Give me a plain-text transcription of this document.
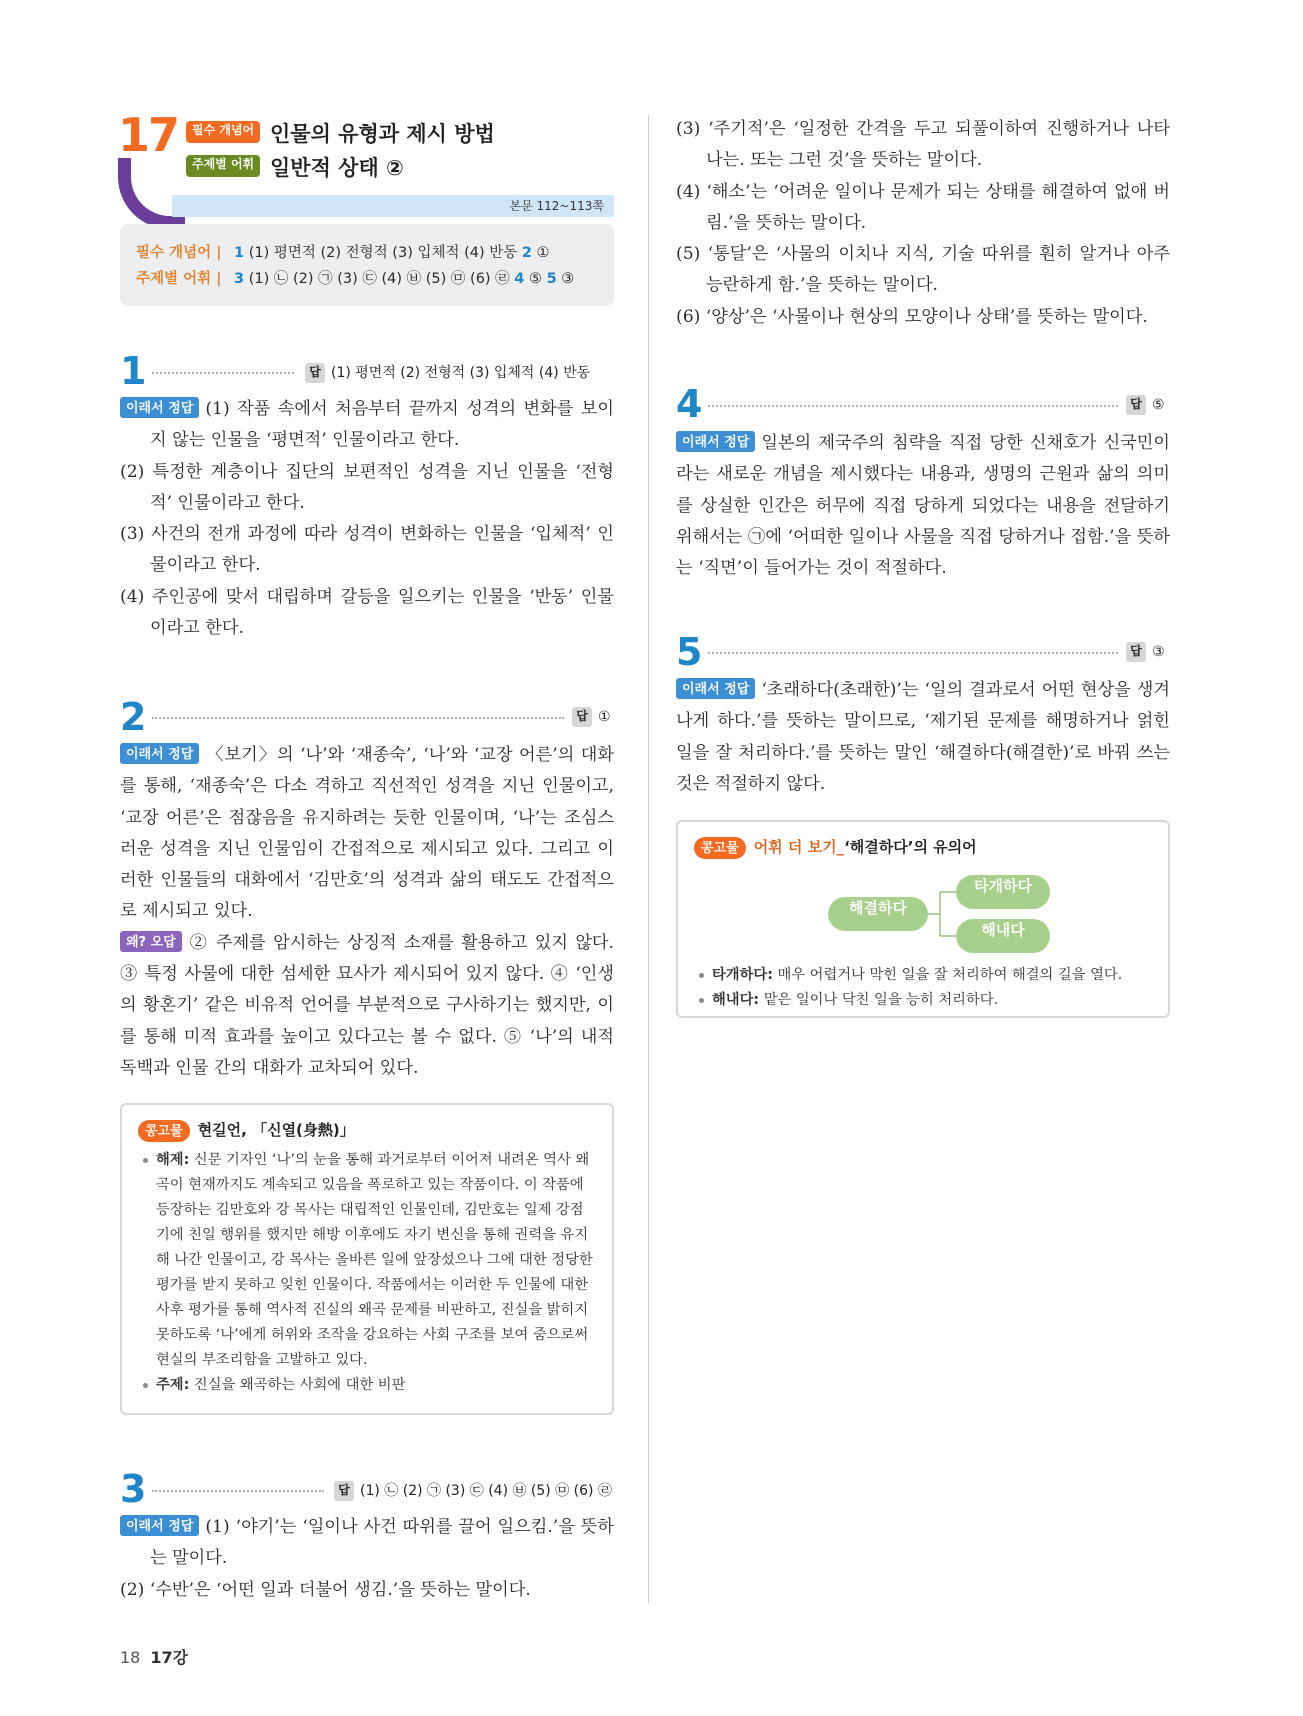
17	필수 개념어
주제별 어휘
인물의 유형과 제시 방법
일반적 상태 ②
본문 112~113쪽
필수 개념어 | 1 (1) 평면적 (2) 전형적 (3) 입체적 (4) 반동 2 ①
주제별 어휘 | 3 (1) ㉡ (2) ㉠ (3) ㉢ (4) ㉥ (5) ㉤ (6) ㉣ 4 ⑤ 5 ③
1	답 (1) 평면적 (2) 전형적 (3) 입체적 (4) 반동

이래서 정답 (1) 작품 속에서 처음부터 끝까지 성격의 변화를 보이지 않는 인물을 ‘평면적’ 인물이라고 한다.

(2) 특정한 계층이나 집단의 보편적인 성격을 지닌 인물을 ‘전형적’ 인물이라고 한다.

(3) 사건의 전개 과정에 따라 성격이 변화하는 인물을 ‘입체적’ 인물이라고 한다.

(4) 주인공에 맞서 대립하며 갈등을 일으키는 인물을 ‘반동’ 인물이라고 한다.

2	답 ①

이래서 정답 〈보기〉의 ‘나’와 ‘재종숙’, ‘나’와 ‘교장 어른’의 대화를 통해, ‘재종숙’은 다소 격하고 직선적인 성격을 지닌 인물이고, ‘교장 어른’은 점잖음을 유지하려는 듯한 인물이며, ‘나’는 조심스러운 성격을 지닌 인물임이 간접적으로 제시되고 있다. 그리고 이러한 인물들의 대화에서 ‘김만호’의 성격과 삶의 태도도 간접적으로 제시되고 있다.

왜? 오답 ② 주제를 암시하는 상징적 소재를 활용하고 있지 않다. ③ 특정 사물에 대한 섬세한 묘사가 제시되어 있지 않다. ④ ‘인생의 황혼기’ 같은 비유적 언어를 부분적으로 구사하기는 했지만, 이를 통해 미적 효과를 높이고 있다고는 볼 수 없다. ⑤ ‘나’의 내적 독백과 인물 간의 대화가 교차되어 있다.

콩고물 현길언, 「신열(身熱)」
해제: 신문 기자인 ‘나’의 눈을 통해 과거로부터 이어져 내려온 역사 왜곡이 현재까지도 계속되고 있음을 폭로하고 있는 작품이다. 이 작품에 등장하는 김만호와 강 목사는 대립적인 인물인데, 김만호는 일제 강점기에 친일 행위를 했지만 해방 이후에도 자기 변신을 통해 권력을 유지해 나간 인물이고, 강 목사는 올바른 일에 앞장섰으나 그에 대한 정당한 평가를 받지 못하고 잊힌 인물이다. 작품에서는 이러한 두 인물에 대한 사후 평가를 통해 역사적 진실의 왜곡 문제를 비판하고, 진실을 밝히지 못하도록 ‘나’에게 허위와 조작을 강요하는 사회 구조를 보여 줌으로써 현실의 부조리함을 고발하고 있다.
주제: 진실을 왜곡하는 사회에 대한 비판
3	답 (1) ㉡ (2) ㉠ (3) ㉢ (4) ㉥ (5) ㉤ (6) ㉣

이래서 정답 (1) ‘야기’는 ‘일이나 사건 따위를 끌어 일으킴.’을 뜻하는 말이다.

(2) ‘수반’은 ‘어떤 일과 더불어 생김.’을 뜻하는 말이다.

(3) ‘주기적’은 ‘일정한 간격을 두고 되풀이하여 진행하거나 나타나는. 또는 그런 것’을 뜻하는 말이다.

(4) ‘해소’는 ‘어려운 일이나 문제가 되는 상태를 해결하여 없애 버림.’을 뜻하는 말이다.

(5) ‘통달’은 ‘사물의 이치나 지식, 기술 따위를 훤히 알거나 아주 능란하게 함.’을 뜻하는 말이다.

(6) ‘양상’은 ‘사물이나 현상의 모양이나 상태’를 뜻하는 말이다.

4	답 ⑤

이래서 정답 일본의 제국주의 침략을 직접 당한 신채호가 신국민이라는 새로운 개념을 제시했다는 내용과, 생명의 근원과 삶의 의미를 상실한 인간은 허무에 직접 당하게 되었다는 내용을 전달하기 위해서는 ㉠에 ‘어떠한 일이나 사물을 직접 당하거나 접함.’을 뜻하는 ‘직면’이 들어가는 것이 적절하다.

5	답 ③

이래서 정답 ‘초래하다(초래한)’는 ‘일의 결과로서 어떤 현상을 생겨나게 하다.’를 뜻하는 말이므로, ‘제기된 문제를 해명하거나 얽힌 일을 잘 처리하다.’를 뜻하는 말인 ‘해결하다(해결한)’로 바꿔 쓰는 것은 적절하지 않다.

콩고물 어휘 더 보기_‘해결하다’의 유의어
해결하다
타개하다
해내다
타개하다: 매우 어렵거나 막힌 일을 잘 처리하여 해결의 길을 열다.
해내다: 맡은 일이나 닥친 일을 능히 처리하다.
18 17강
